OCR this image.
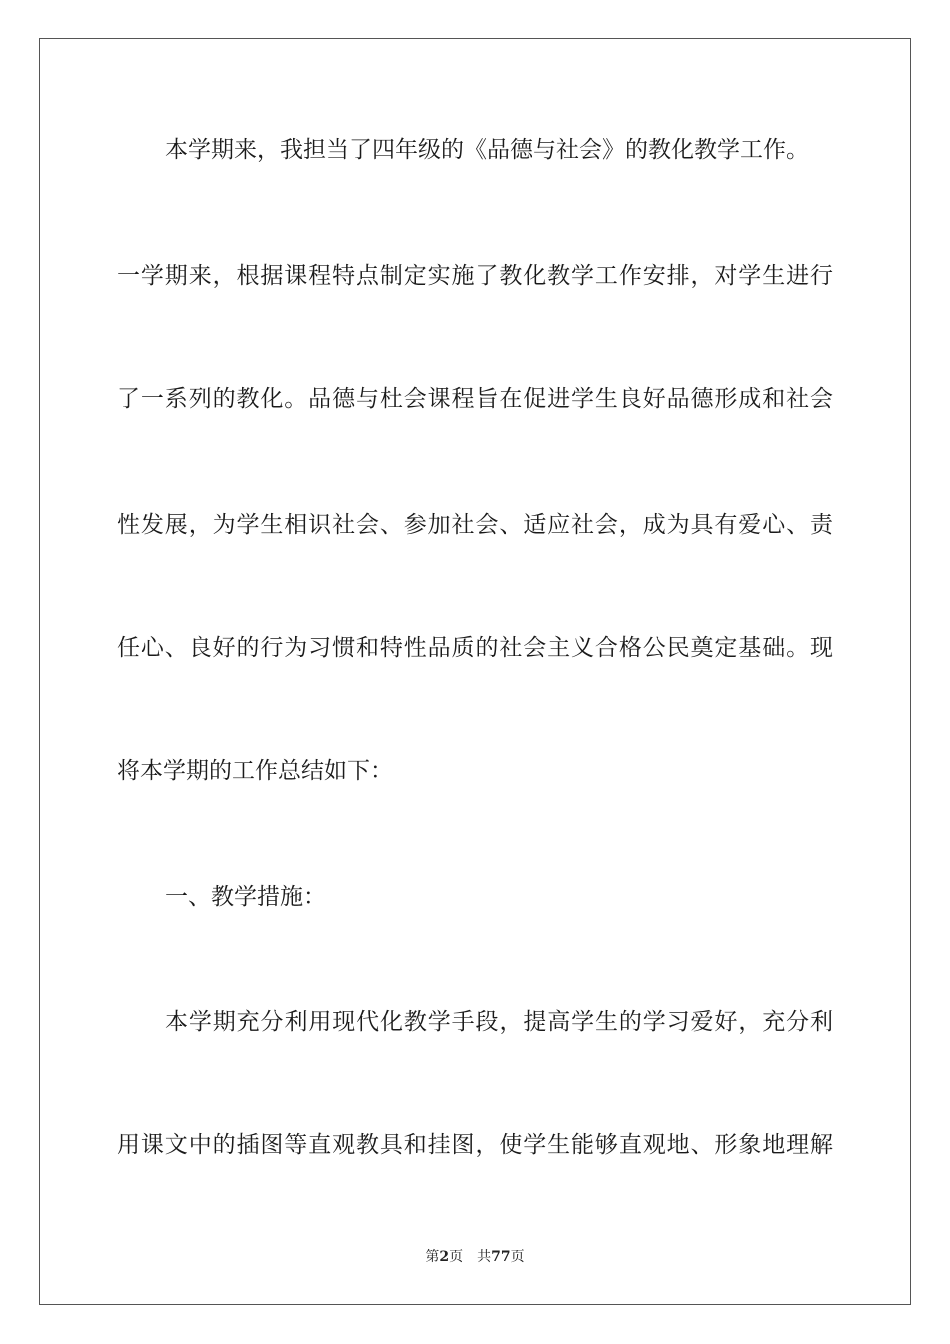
本学期来，我担当了四年级的《品德与社会》的教化教学工作。
一学期来，根据课程特点制定实施了教化教学工作安排，对学生进行
了一系列的教化。品德与杜会课程旨在促进学生良好品德形成和社会
性发展，为学生相识社会、参加社会、适应社会，成为具有爱心、责
任心、良好的行为习惯和特性品质的社会主义合格公民奠定基础。现
将本学期的工作总结如下：
一、教学措施：
本学期充分利用现代化教学手段，提高学生的学习爱好，充分利
用课文中的插图等直观教具和挂图，使学生能够直观地、形象地理解
第2页 共77页
